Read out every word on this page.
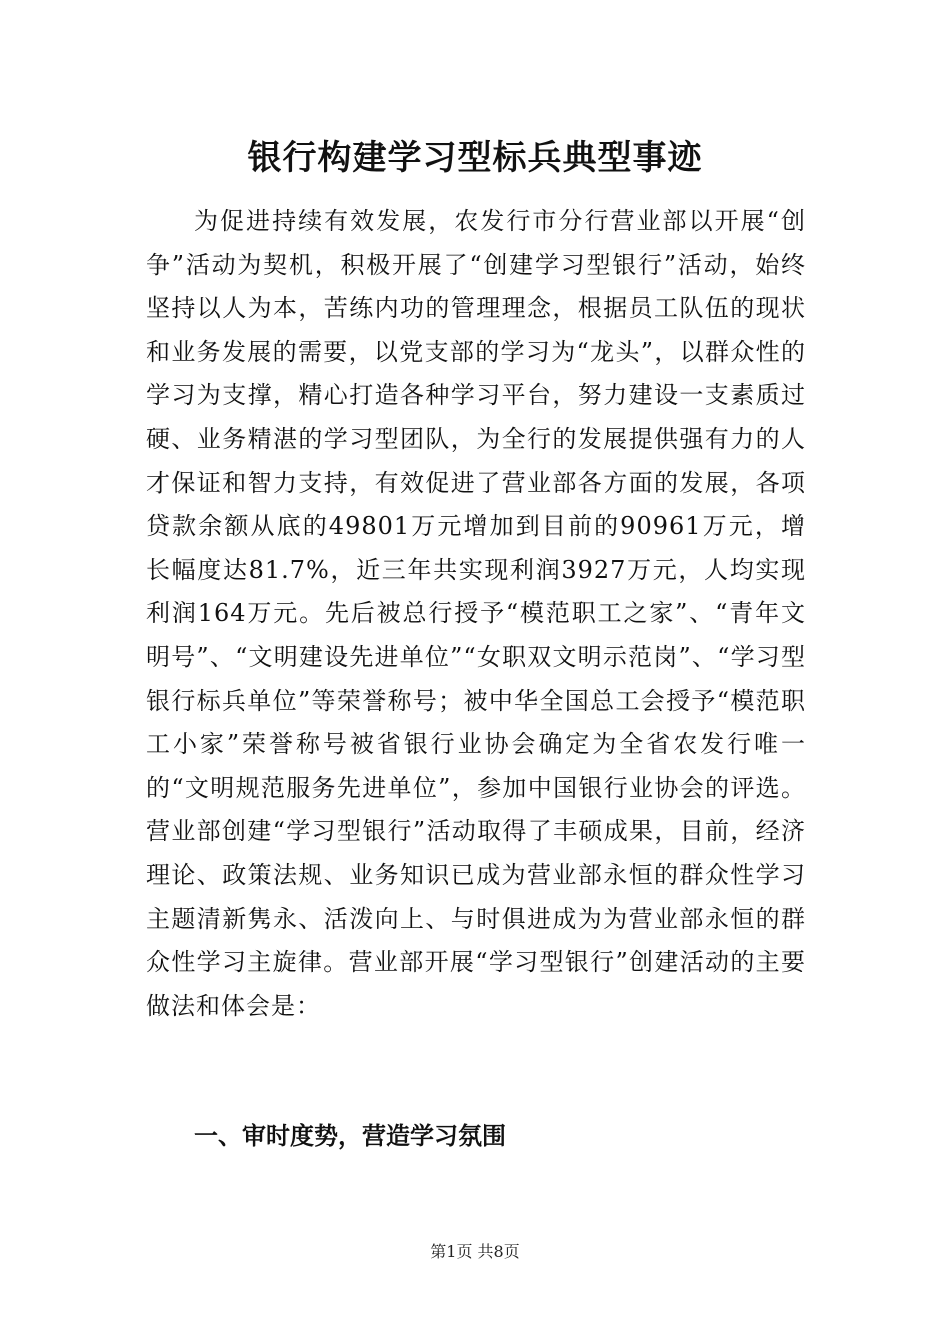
银行构建学习型标兵典型事迹

为促进持续有效发展，农发行市分行营业部以开展“创争”活动为契机，积极开展了“创建学习型银行”活动，始终坚持以人为本，苦练内功的管理理念，根据员工队伍的现状和业务发展的需要，以党支部的学习为“龙头”，以群众性的学习为支撑，精心打造各种学习平台，努力建设一支素质过硬、业务精湛的学习型团队，为全行的发展提供强有力的人才保证和智力支持，有效促进了营业部各方面的发展，各项贷款余额从底的49801万元增加到目前的90961万元，增长幅度达81.7%，近三年共实现利润3927万元，人均实现利润164万元。先后被总行授予“模范职工之家”、“青年文明号”、“文明建设先进单位”“女职双文明示范岗”、“学习型银行标兵单位”等荣誉称号；被中华全国总工会授予“模范职工小家”荣誉称号被省银行业协会确定为全省农发行唯一的“文明规范服务先进单位”，参加中国银行业协会的评选。营业部创建“学习型银行”活动取得了丰硕成果，目前，经济理论、政策法规、业务知识已成为营业部永恒的群众性学习主题清新隽永、活泼向上、与时俱进成为为营业部永恒的群众性学习主旋律。营业部开展“学习型银行”创建活动的主要做法和体会是：

一、审时度势，营造学习氛围
第1页 共8页
